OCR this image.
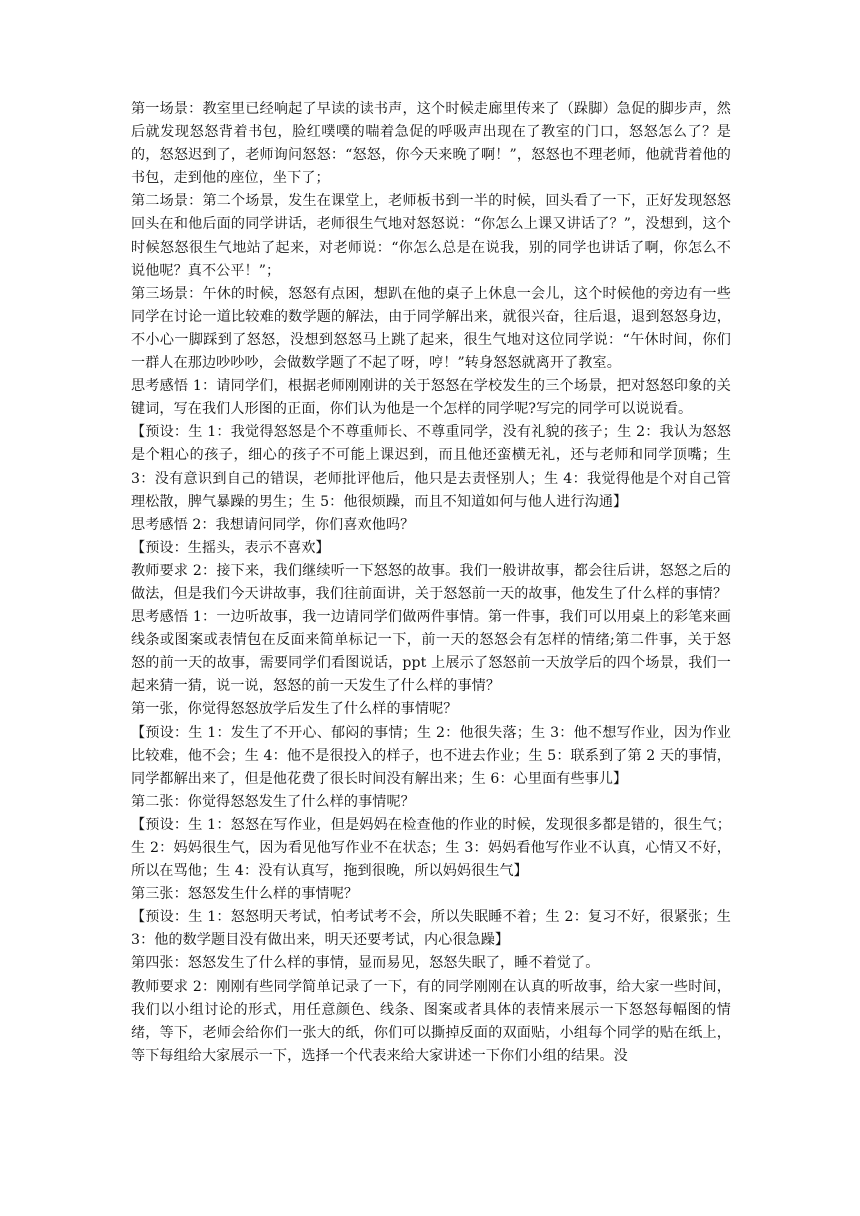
第一场景：教室里已经响起了早读的读书声，这个时候走廊里传来了（跺脚）急促的脚步声，然后就发现怒怒背着书包，脸红噗噗的喘着急促的呼吸声出现在了教室的门口，怒怒怎么了？是的，怒怒迟到了，老师询问怒怒：“怒怒，你今天来晚了啊！”，怒怒也不理老师，他就背着他的书包，走到他的座位，坐下了；

第二场景：第二个场景，发生在课堂上，老师板书到一半的时候，回头看了一下，正好发现怒怒回头在和他后面的同学讲话，老师很生气地对怒怒说：“你怎么上课又讲话了？”，没想到，这个时候怒怒很生气地站了起来，对老师说：“你怎么总是在说我，别的同学也讲话了啊，你怎么不说他呢？真不公平！”；

第三场景：午休的时候，怒怒有点困，想趴在他的桌子上休息一会儿，这个时候他的旁边有一些同学在讨论一道比较难的数学题的解法，由于同学解出来，就很兴奋，往后退，退到怒怒身边，不小心一脚踩到了怒怒，没想到怒怒马上跳了起来，很生气地对这位同学说：“午休时间，你们一群人在那边吵吵吵，会做数学题了不起了呀，哼！”转身怒怒就离开了教室。

思考感悟 1：请同学们，根据老师刚刚讲的关于怒怒在学校发生的三个场景，把对怒怒印象的关键词，写在我们人形图的正面，你们认为他是一个怎样的同学呢?写完的同学可以说说看。

【预设：生 1：我觉得怒怒是个不尊重师长、不尊重同学，没有礼貌的孩子；生 2：我认为怒怒是个粗心的孩子，细心的孩子不可能上课迟到，而且他还蛮横无礼，还与老师和同学顶嘴；生 3：没有意识到自己的错误，老师批评他后，他只是去责怪别人；生 4：我觉得他是个对自己管理松散，脾气暴躁的男生；生 5：他很烦躁，而且不知道如何与他人进行沟通】

思考感悟 2：我想请问同学，你们喜欢他吗？

【预设：生摇头，表示不喜欢】

教师要求 2：接下来，我们继续听一下怒怒的故事。我们一般讲故事，都会往后讲，怒怒之后的做法，但是我们今天讲故事，我们往前面讲，关于怒怒前一天的故事，他发生了什么样的事情？

思考感悟 1：一边听故事，我一边请同学们做两件事情。第一件事，我们可以用桌上的彩笔来画线条或图案或表情包在反面来简单标记一下，前一天的怒怒会有怎样的情绪;第二件事，关于怒怒的前一天的故事，需要同学们看图说话，ppt 上展示了怒怒前一天放学后的四个场景，我们一起来猜一猜，说一说，怒怒的前一天发生了什么样的事情？

第一张，你觉得怒怒放学后发生了什么样的事情呢？

【预设：生 1：发生了不开心、郁闷的事情；生 2：他很失落；生 3：他不想写作业，因为作业比较难，他不会；生 4：他不是很投入的样子，也不进去作业；生 5：联系到了第 2 天的事情，同学都解出来了，但是他花费了很长时间没有解出来；生 6：心里面有些事儿】

第二张：你觉得怒怒发生了什么样的事情呢？

【预设：生 1：怒怒在写作业，但是妈妈在检查他的作业的时候，发现很多都是错的，很生气；生 2：妈妈很生气，因为看见他写作业不在状态；生 3：妈妈看他写作业不认真，心情又不好，所以在骂他；生 4：没有认真写，拖到很晚，所以妈妈很生气】

第三张：怒怒发生什么样的事情呢？

【预设：生 1：怒怒明天考试，怕考试考不会，所以失眠睡不着；生 2：复习不好，很紧张；生 3：他的数学题目没有做出来，明天还要考试，内心很急躁】

第四张：怒怒发生了什么样的事情，显而易见，怒怒失眠了，睡不着觉了。

教师要求 2：刚刚有些同学简单记录了一下，有的同学刚刚在认真的听故事，给大家一些时间，我们以小组讨论的形式，用任意颜色、线条、图案或者具体的表情来展示一下怒怒每幅图的情绪，等下，老师会给你们一张大的纸，你们可以撕掉反面的双面贴，小组每个同学的贴在纸上，等下每组给大家展示一下，选择一个代表来给大家讲述一下你们小组的结果。没
